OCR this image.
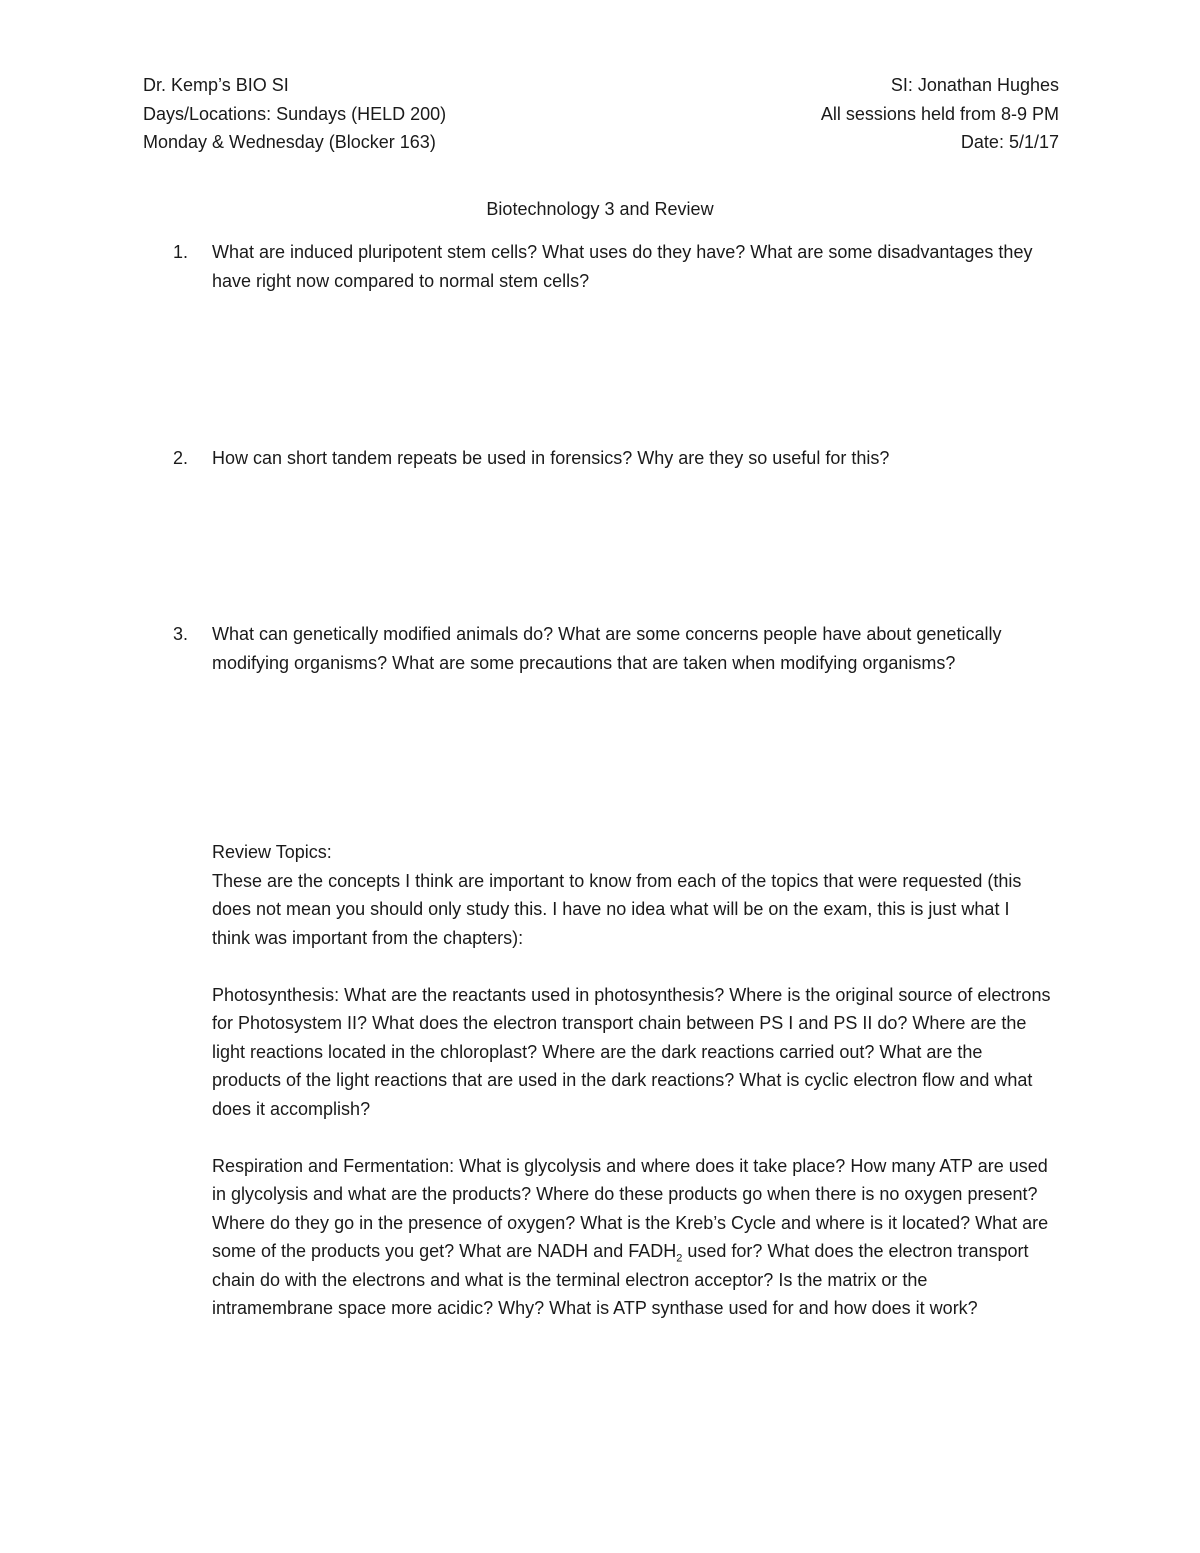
Dr. Kemp’s BIO SI
Days/Locations: Sundays (HELD 200)
Monday & Wednesday (Blocker 163)
SI: Jonathan Hughes
All sessions held from 8-9 PM
Date: 5/1/17
Biotechnology 3 and Review
1. What are induced pluripotent stem cells? What uses do they have? What are some disadvantages they have right now compared to normal stem cells?
2. How can short tandem repeats be used in forensics? Why are they so useful for this?
3. What can genetically modified animals do? What are some concerns people have about genetically modifying organisms? What are some precautions that are taken when modifying organisms?

Review Topics:

These are the concepts I think are important to know from each of the topics that were requested (this does not mean you should only study this. I have no idea what will be on the exam, this is just what I think was important from the chapters):

Photosynthesis: What are the reactants used in photosynthesis? Where is the original source of electrons for Photosystem II? What does the electron transport chain between PS I and PS II do? Where are the light reactions located in the chloroplast? Where are the dark reactions carried out? What are the products of the light reactions that are used in the dark reactions? What is cyclic electron flow and what does it accomplish?

Respiration and Fermentation: What is glycolysis and where does it take place? How many ATP are used in glycolysis and what are the products? Where do these products go when there is no oxygen present? Where do they go in the presence of oxygen? What is the Kreb’s Cycle and where is it located? What are some of the products you get? What are NADH and $FADH_2$ used for? What does the electron transport chain do with the electrons and what is the terminal electron acceptor? Is the matrix or the intramembrane space more acidic? Why? What is ATP synthase used for and how does it work?
